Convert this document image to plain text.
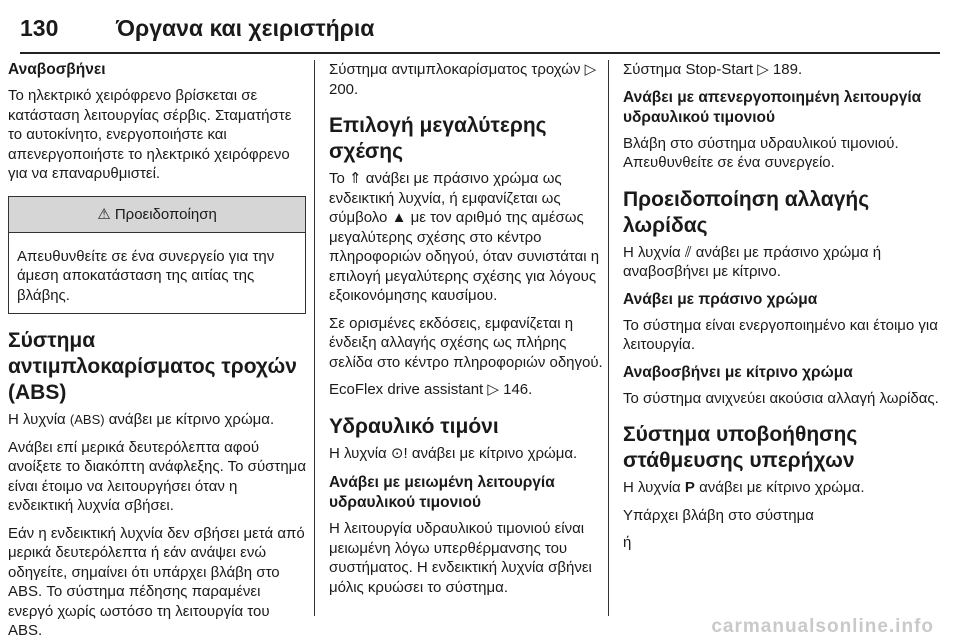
130	Όργανα και χειριστήρια
Αναβοσβήνει

Το ηλεκτρικό χειρόφρενο βρίσκεται σε κατάσταση λειτουργίας σέρβις. Σταματήστε το αυτοκίνητο, ενεργοποιήστε και απενεργοποιήστε το ηλεκτρικό χειρόφρενο για να επαναρυθμιστεί.

⚠ Προειδοποίηση

Απευθυνθείτε σε ένα συνεργείο για την άμεση αποκατάσταση της αιτίας της βλάβης.

Σύστημα αντιμπλοκαρίσματος τροχών (ABS)

Η λυχνία (ABS) ανάβει με κίτρινο χρώμα.

Ανάβει επί μερικά δευτερόλεπτα αφού ανοίξετε το διακόπτη ανάφλεξης. Το σύστημα είναι έτοιμο να λειτουργήσει όταν η ενδεικτική λυχνία σβήσει.

Εάν η ενδεικτική λυχνία δεν σβήσει μετά από μερικά δευτερόλεπτα ή εάν ανάψει ενώ οδηγείτε, σημαίνει ότι υπάρχει βλάβη στο ABS. Το σύστημα πέδησης παραμένει ενεργό χωρίς ωστόσο τη λειτουργία του ABS.

Σύστημα αντιμπλοκαρίσματος τροχών ▷ 200.

Επιλογή μεγαλύτερης σχέσης

Το ⇑ ανάβει με πράσινο χρώμα ως ενδεικτική λυχνία, ή εμφανίζεται ως σύμβολο ▲ με τον αριθμό της αμέσως μεγαλύτερης σχέσης στο κέντρο πληροφοριών οδηγού, όταν συνιστάται η επιλογή μεγαλύτερης σχέσης για λόγους εξοικονόμησης καυσίμου.

Σε ορισμένες εκδόσεις, εμφανίζεται η ένδειξη αλλαγής σχέσης ως πλήρης σελίδα στο κέντρο πληροφοριών οδηγού.

EcoFlex drive assistant ▷ 146.

Υδραυλικό τιμόνι

Η λυχνία ⊙! ανάβει με κίτρινο χρώμα.

Ανάβει με μειωμένη λειτουργία υδραυλικού τιμονιού

Η λειτουργία υδραυλικού τιμονιού είναι μειωμένη λόγω υπερθέρμανσης του συστήματος. Η ενδεικτική λυχνία σβήνει μόλις κρυώσει το σύστημα.

Σύστημα Stop-Start ▷ 189.

Ανάβει με απενεργοποιημένη λειτουργία υδραυλικού τιμονιού

Βλάβη στο σύστημα υδραυλικού τιμονιού. Απευθυνθείτε σε ένα συνεργείο.

Προειδοποίηση αλλαγής λωρίδας

Η λυχνία ⫽ ανάβει με πράσινο χρώμα ή αναβοσβήνει με κίτρινο.

Ανάβει με πράσινο χρώμα

Το σύστημα είναι ενεργοποιημένο και έτοιμο για λειτουργία.

Αναβοσβήνει με κίτρινο χρώμα

Το σύστημα ανιχνεύει ακούσια αλλαγή λωρίδας.

Σύστημα υποβοήθησης στάθμευσης υπερήχων

Η λυχνία P ανάβει με κίτρινο χρώμα.

Υπάρχει βλάβη στο σύστημα

ή

carmanualsonline.info
